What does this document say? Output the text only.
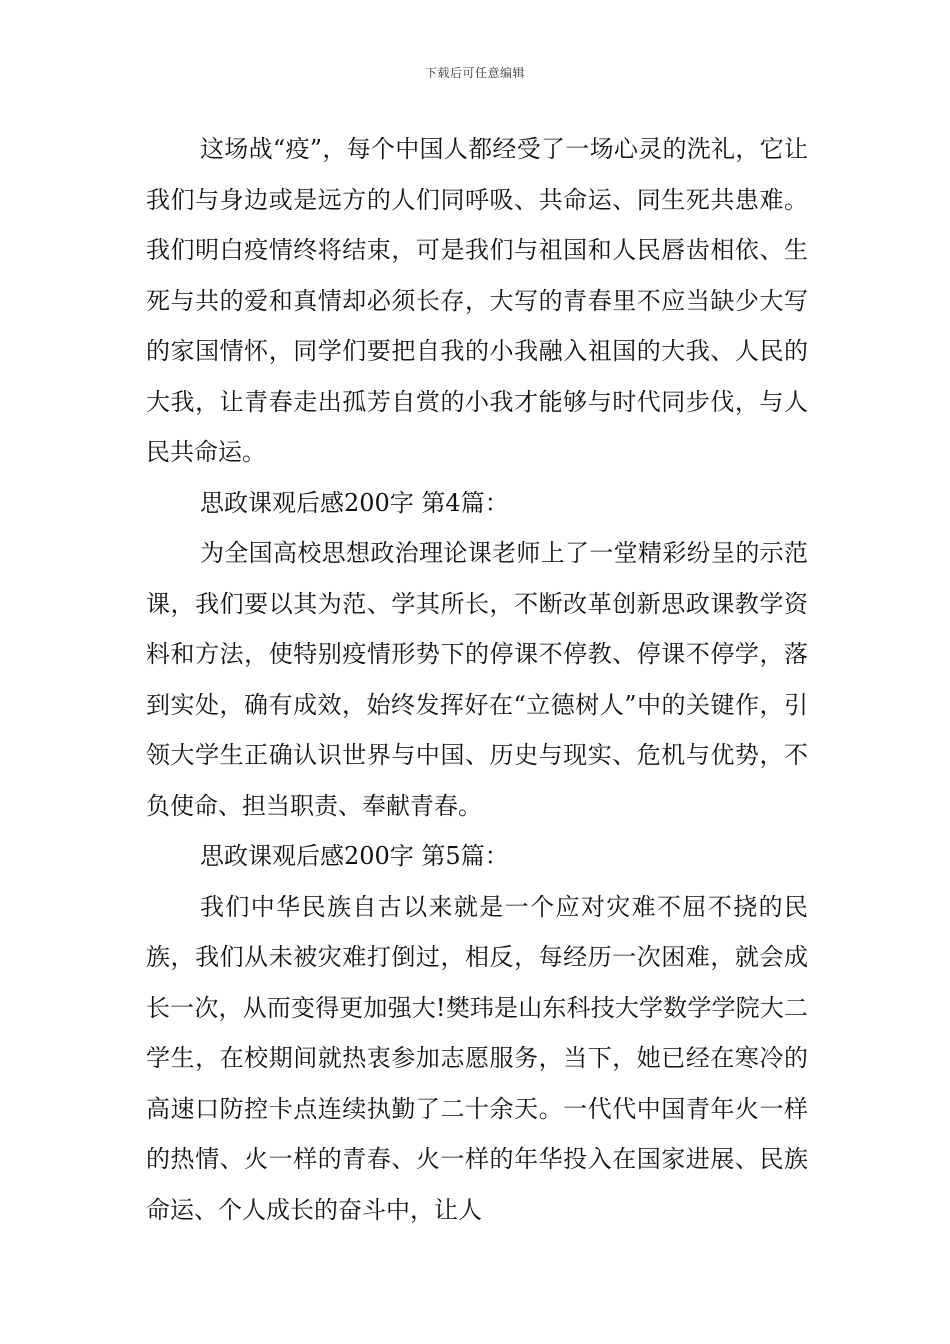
下载后可任意编辑

这场战“疫”，每个中国人都经受了一场心灵的洗礼，它让我们与身边或是远方的人们同呼吸、共命运、同生死共患难。我们明白疫情终将结束，可是我们与祖国和人民唇齿相依、生死与共的爱和真情却必须长存，大写的青春里不应当缺少大写的家国情怀，同学们要把自我的小我融入祖国的大我、人民的大我，让青春走出孤芳自赏的小我才能够与时代同步伐，与人民共命运。

思政课观后感200字 第4篇：

为全国高校思想政治理论课老师上了一堂精彩纷呈的示范课，我们要以其为范、学其所长，不断改革创新思政课教学资料和方法，使特别疫情形势下的停课不停教、停课不停学，落到实处，确有成效，始终发挥好在“立德树人”中的关键作，引领大学生正确认识世界与中国、历史与现实、危机与优势，不负使命、担当职责、奉献青春。

思政课观后感200字 第5篇：

我们中华民族自古以来就是一个应对灾难不屈不挠的民族，我们从未被灾难打倒过，相反，每经历一次困难，就会成长一次，从而变得更加强大!樊玮是山东科技大学数学学院大二学生，在校期间就热衷参加志愿服务，当下，她已经在寒冷的高速口防控卡点连续执勤了二十余天。一代代中国青年火一样的热情、火一样的青春、火一样的年华投入在国家进展、民族命运、个人成长的奋斗中，让人
